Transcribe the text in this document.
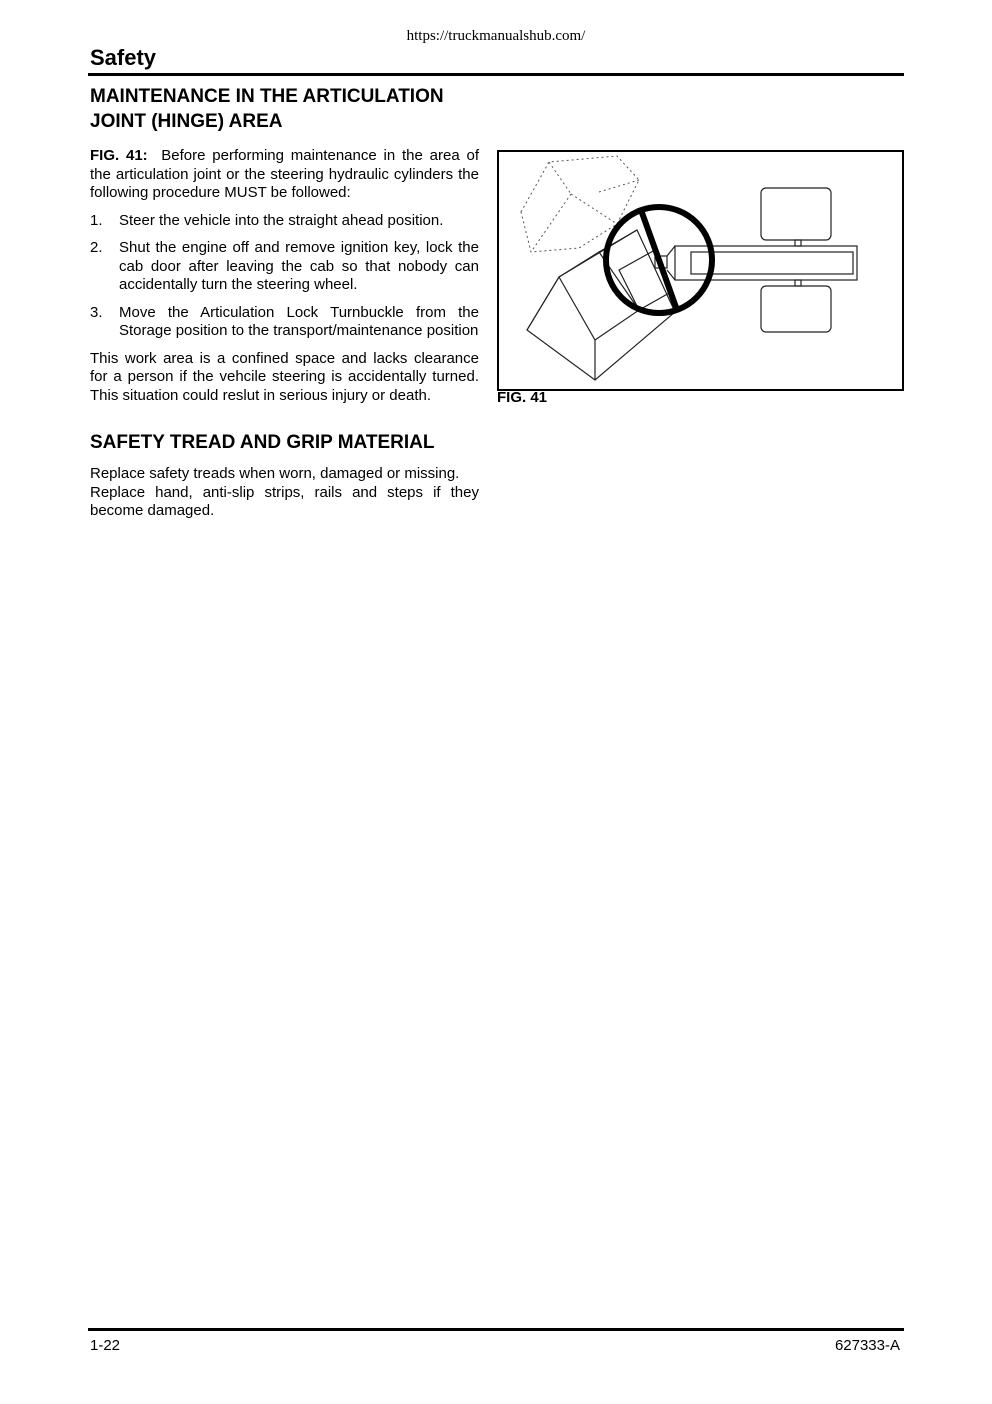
https://truckmanualshub.com/
Safety
MAINTENANCE IN THE ARTICULATION
JOINT (HINGE) AREA

FIG. 41: Before performing maintenance in the area of the articulation joint or the steering hydraulic cylinders the following procedure MUST be followed:

1.	Steer the vehicle into the straight ahead position.
2.	Shut the engine off and remove ignition key, lock the cab door after leaving the cab so that nobody can accidentally turn the steering wheel.
3.	Move the Articulation Lock Turnbuckle from the Storage position to the transport/maintenance position

This work area is a confined space and lacks clearance for a person if the vehcile steering is accidentally turned. This situation could reslut in serious injury or death.

SAFETY TREAD AND GRIP MATERIAL

Replace safety treads when worn, damaged or missing.

Replace hand, anti-slip strips, rails and steps if they become damaged.

FIG. 41
1-22	627333-A
